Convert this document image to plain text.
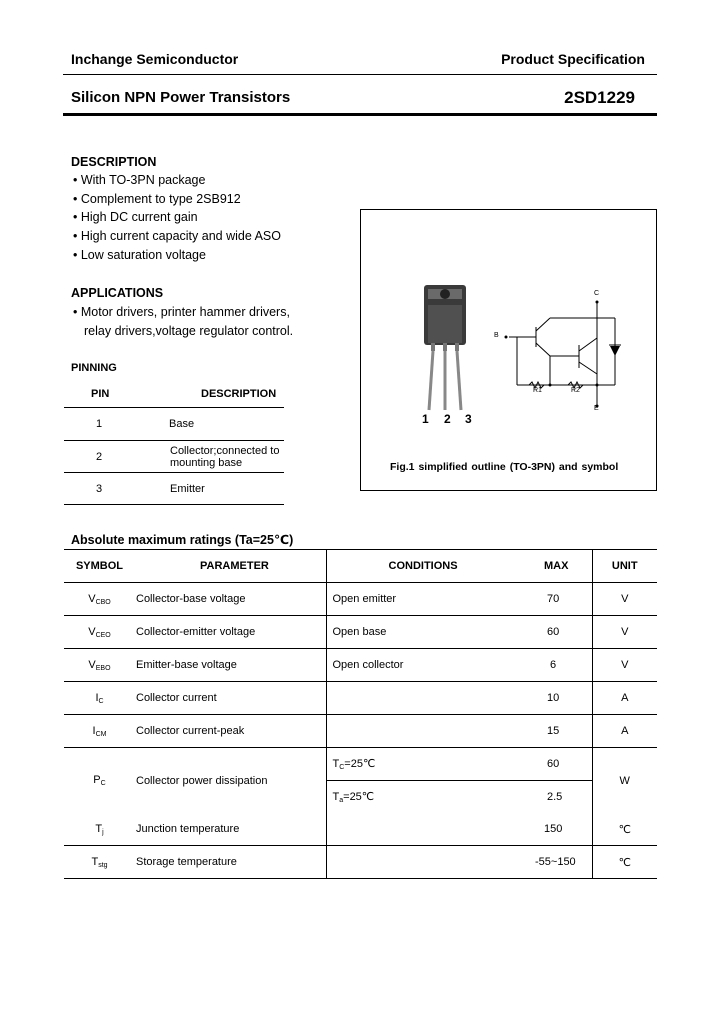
Inchange Semiconductor	Product Specification
Silicon NPN Power Transistors	2SD1229
DESCRIPTION
• With TO-3PN package
• Complement to type 2SB912
• High DC current gain
• High current capacity and wide ASO
• Low saturation voltage
APPLICATIONS
• Motor drivers, printer hammer drivers,
relay drivers,voltage regulator control.
PINNING
PIN	DESCRIPTION
1	Base
2	Collector;connected to
mounting base
3	Emitter
C
B
E
R1	R2
1 2 3
Fig.1 simplified outline (TO-3PN) and symbol
Absolute maximum ratings (Ta=25℃)
SYMBOL	PARAMETER	CONDITIONS	MAX	UNIT
$V_{CBO}$	Collector-base voltage	Open emitter	70	V
$V_{CEO}$	Collector-emitter voltage	Open base	60	V
$V_{EBO}$	Emitter-base voltage	Open collector	6	V
$I_C$	Collector current		10	A
$I_{CM}$	Collector current-peak		15	A
$P_C$	Collector power dissipation	$T_C=25℃$	60	W
		$T_a=25℃$	2.5	
$T_j$	Junction temperature		150	℃
$T_{stg}$	Storage temperature		-55~150	℃
